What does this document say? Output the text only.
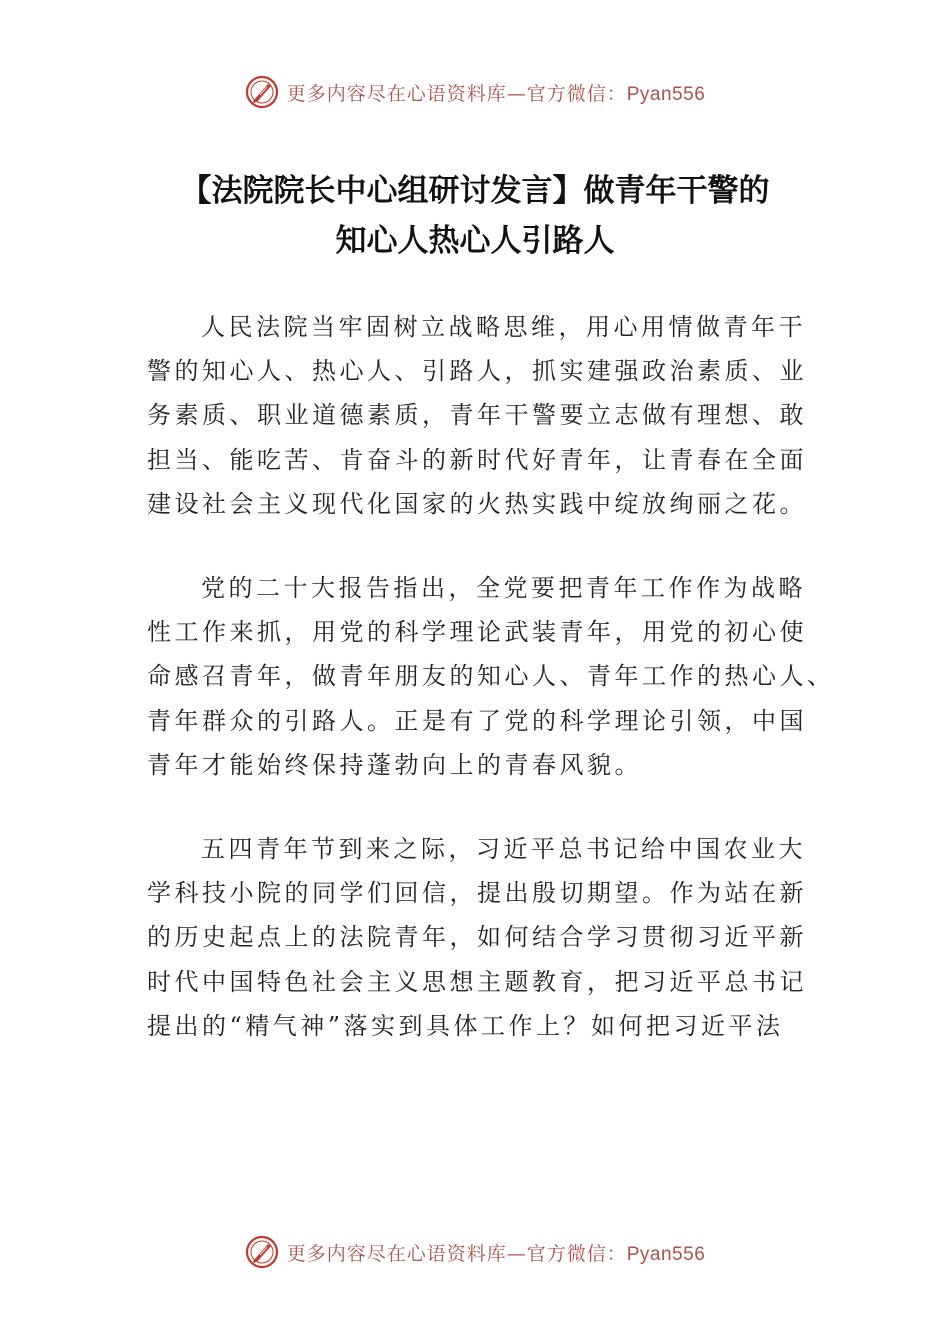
更多内容尽在心语资料库—官方微信：Pyan556
【法院院长中心组研讨发言】做青年干警的
知心人热心人引路人

人民法院当牢固树立战略思维，用心用情做青年干
警的知心人、热心人、引路人，抓实建强政治素质、业
务素质、职业道德素质，青年干警要立志做有理想、敢
担当、能吃苦、肯奋斗的新时代好青年，让青春在全面
建设社会主义现代化国家的火热实践中绽放绚丽之花。

党的二十大报告指出，全党要把青年工作作为战略
性工作来抓，用党的科学理论武装青年，用党的初心使
命感召青年，做青年朋友的知心人、青年工作的热心人、
青年群众的引路人。正是有了党的科学理论引领，中国
青年才能始终保持蓬勃向上的青春风貌。

五四青年节到来之际，习近平总书记给中国农业大
学科技小院的同学们回信，提出殷切期望。作为站在新
的历史起点上的法院青年，如何结合学习贯彻习近平新
时代中国特色社会主义思想主题教育，把习近平总书记
提出的“精气神”落实到具体工作上？如何把习近平法

更多内容尽在心语资料库—官方微信：Pyan556
